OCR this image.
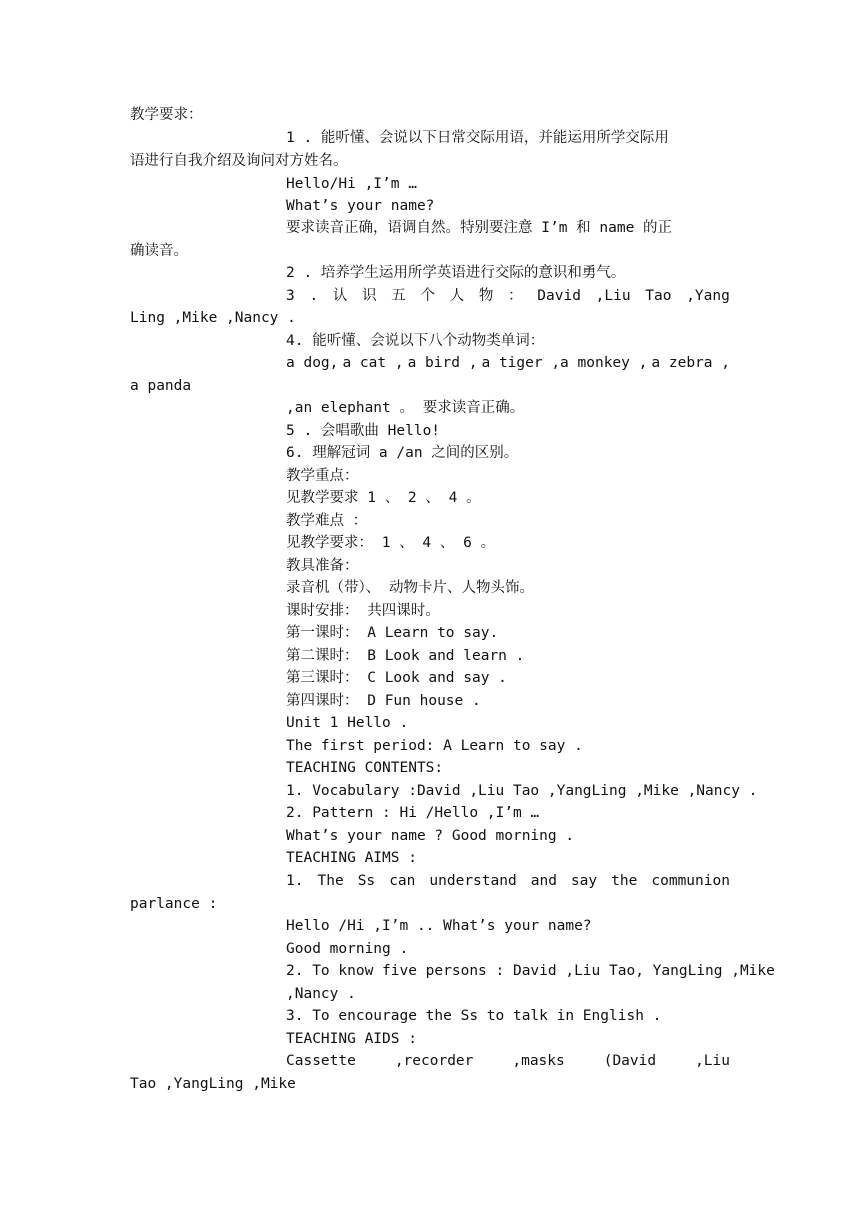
教学要求：
1 . 能听懂、会说以下日常交际用语，并能运用所学交际用
语进行自我介绍及询问对方姓名。
Hello/Hi ,I’m …
What’s your name?
要求读音正确，语调自然。特别要注意 I’m 和 name 的正
确读音。
2 . 培养学生运用所学英语进行交际的意识和勇气。
3 . 认 识 五 个 人 物 ： David ,Liu Tao ,Yang
Ling ,Mike ,Nancy .
4. 能听懂、会说以下八个动物类单词：
a dog, a cat , a bird , a tiger ,a monkey , a zebra ,
a panda
,an elephant 。 要求读音正确。
5 . 会唱歌曲 Hello!
6. 理解冠词 a /an 之间的区别。
教学重点：
见教学要求 1 、 2 、 4 。
教学难点 ：
见教学要求： 1 、 4 、 6 。
教具准备：
录音机（带）、 动物卡片、人物头饰。
课时安排： 共四课时。
第一课时： A Learn to say.
第二课时： B Look and learn .
第三课时： C Look and say .
第四课时： D Fun house .
Unit 1 Hello .
The first period: A Learn to say .
TEACHING CONTENTS:
1. Vocabulary :David ,Liu Tao ,YangLing ,Mike ,Nancy .
2. Pattern : Hi /Hello ,I’m …
What’s your name ? Good morning .
TEACHING AIMS :
1. The Ss can understand and say the communion
parlance :
Hello /Hi ,I’m .. What’s your name?
Good morning .
2. To know five persons : David ,Liu Tao, YangLing ,Mike
,Nancy .
3. To encourage the Ss to talk in English .
TEACHING AIDS :
Cassette	,recorder	,masks	(David	,Liu
Tao ,YangLing ,Mike
